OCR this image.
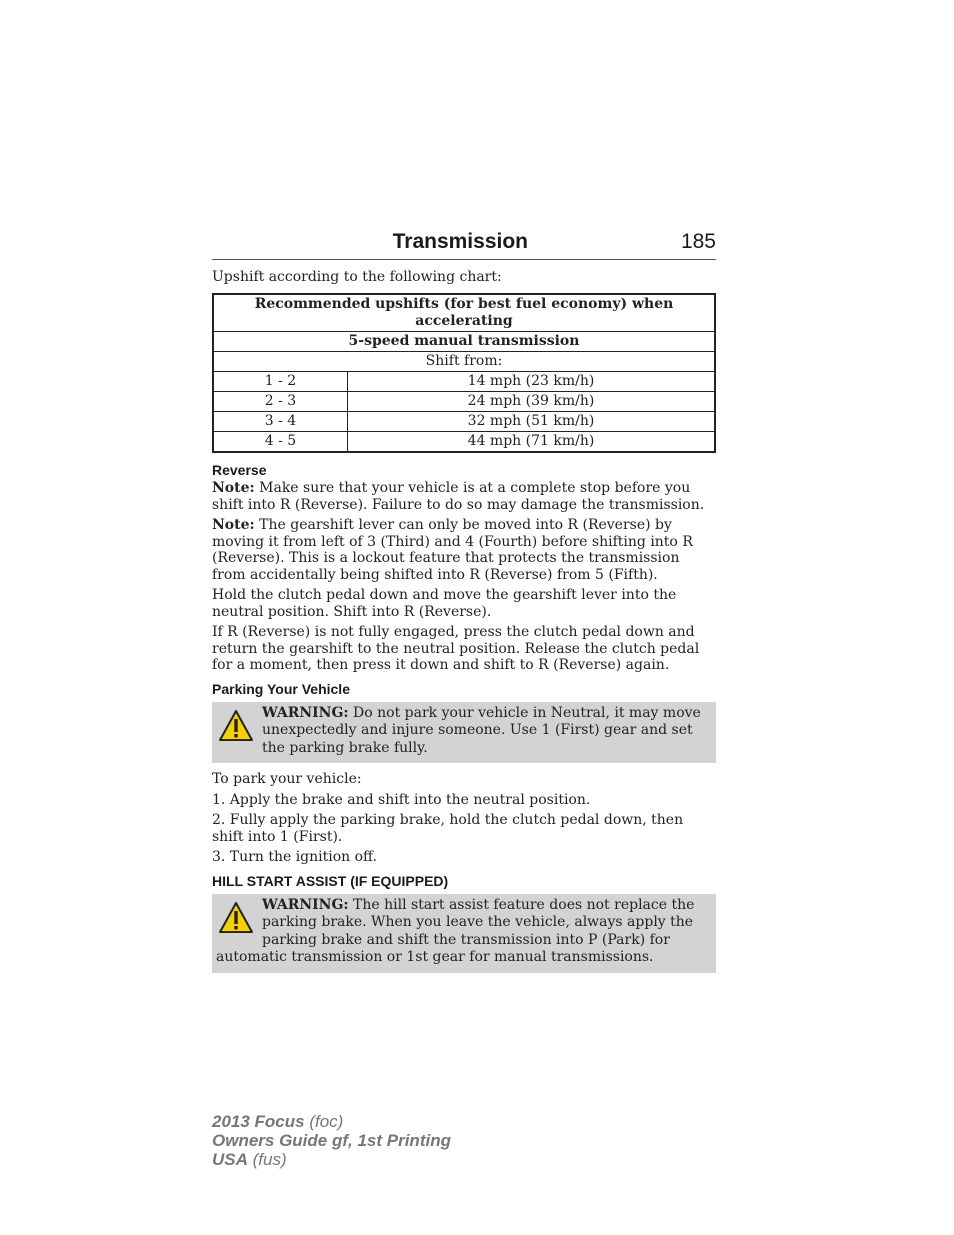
Transmission	185
Upshift according to the following chart:
Recommended upshifts (for best fuel economy) when accelerating	
5-speed manual transmission	
Shift from:	
1 - 2	14 mph (23 km/h)
2 - 3	24 mph (39 km/h)
3 - 4	32 mph (51 km/h)
4 - 5	44 mph (71 km/h)
Reverse

Note: Make sure that your vehicle is at a complete stop before you shift into R (Reverse). Failure to do so may damage the transmission.

Note: The gearshift lever can only be moved into R (Reverse) by moving it from left of 3 (Third) and 4 (Fourth) before shifting into R (Reverse). This is a lockout feature that protects the transmission from accidentally being shifted into R (Reverse) from 5 (Fifth).

Hold the clutch pedal down and move the gearshift lever into the neutral position. Shift into R (Reverse).

If R (Reverse) is not fully engaged, press the clutch pedal down and return the gearshift to the neutral position. Release the clutch pedal for a moment, then press it down and shift to R (Reverse) again.

Parking Your Vehicle
WARNING: Do not park your vehicle in Neutral, it may move unexpectedly and injure someone. Use 1 (First) gear and set the parking brake fully.

To park your vehicle:

1. Apply the brake and shift into the neutral position.

2. Fully apply the parking brake, hold the clutch pedal down, then shift into 1 (First).

3. Turn the ignition off.

HILL START ASSIST (IF EQUIPPED)
WARNING: The hill start assist feature does not replace the parking brake. When you leave the vehicle, always apply the parking brake and shift the transmission into P (Park) for automatic transmission or 1st gear for manual transmissions.
2013 Focus (foc)
Owners Guide gf, 1st Printing
USA (fus)
